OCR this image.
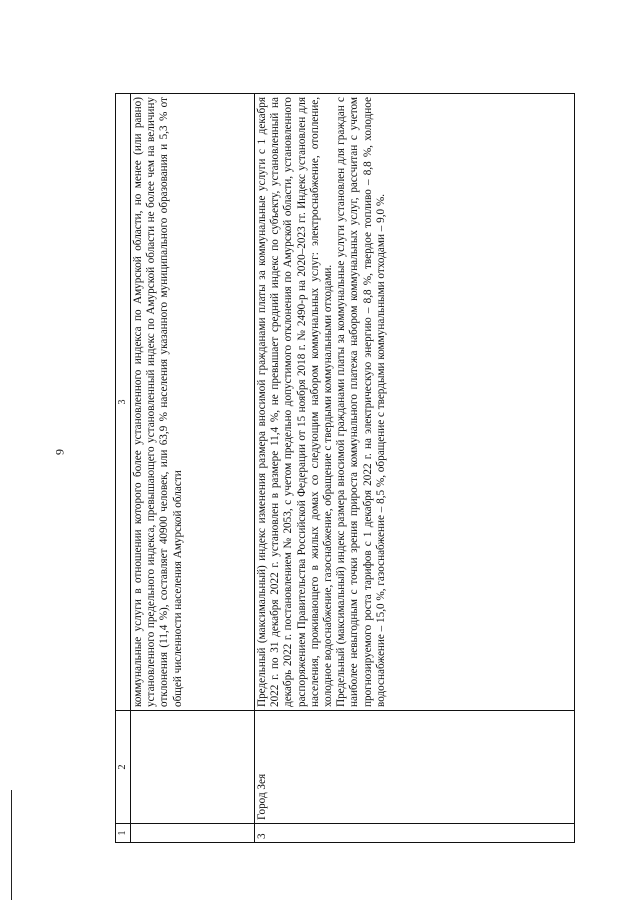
9
1	2	3

		коммунальные услуги в отношении которого более установленного индекса по Амурской области, но менее (или равно) установленного предельного индекса, превышающего установленный индекс по Амурской области не более чем на величину отклонения (11,4 %), составляет 40900 человек, или 63,9 % населения указанного муниципального образования и 5,3 % от общей численности населения Амурской области

3	Город Зея	Предельный (максимальный) индекс изменения размера вносимой гражданами платы за коммунальные услуги с 1 декабря 2022 г. по 31 декабря 2022 г. установлен в размере 11,4 %, не превышает средний индекс по субъекту, установленный на декабрь 2022 г. постановлением № 2053, с учетом предельно допустимого отклонения по Амурской области, установленного распоряжением Правительства Российской Федерации от 15 ноября 2018 г. № 2490-р на 2020–2023 гг. Индекс установлен для населения, проживающего в жилых домах со следующим набором коммунальных услуг: электроснабжение, отопление, холодное водоснабжение, газоснабжение, обращение с твердыми коммунальными отходами. Предельный (максимальный) индекс размера вносимой гражданами платы за коммунальные услуги установлен для граждан с наиболее невыгодным с точки зрения прироста коммунального платежа набором коммунальных услуг, рассчитан с учетом прогнозируемого роста тарифов с 1 декабря 2022 г. на электрическую энергию – 8,8 %, твердое топливо – 8,8 %, холодное водоснабжение – 15,0 %, газоснабжение – 8,5 %, обращение с твердыми коммунальными отходами – 9,0 %.
